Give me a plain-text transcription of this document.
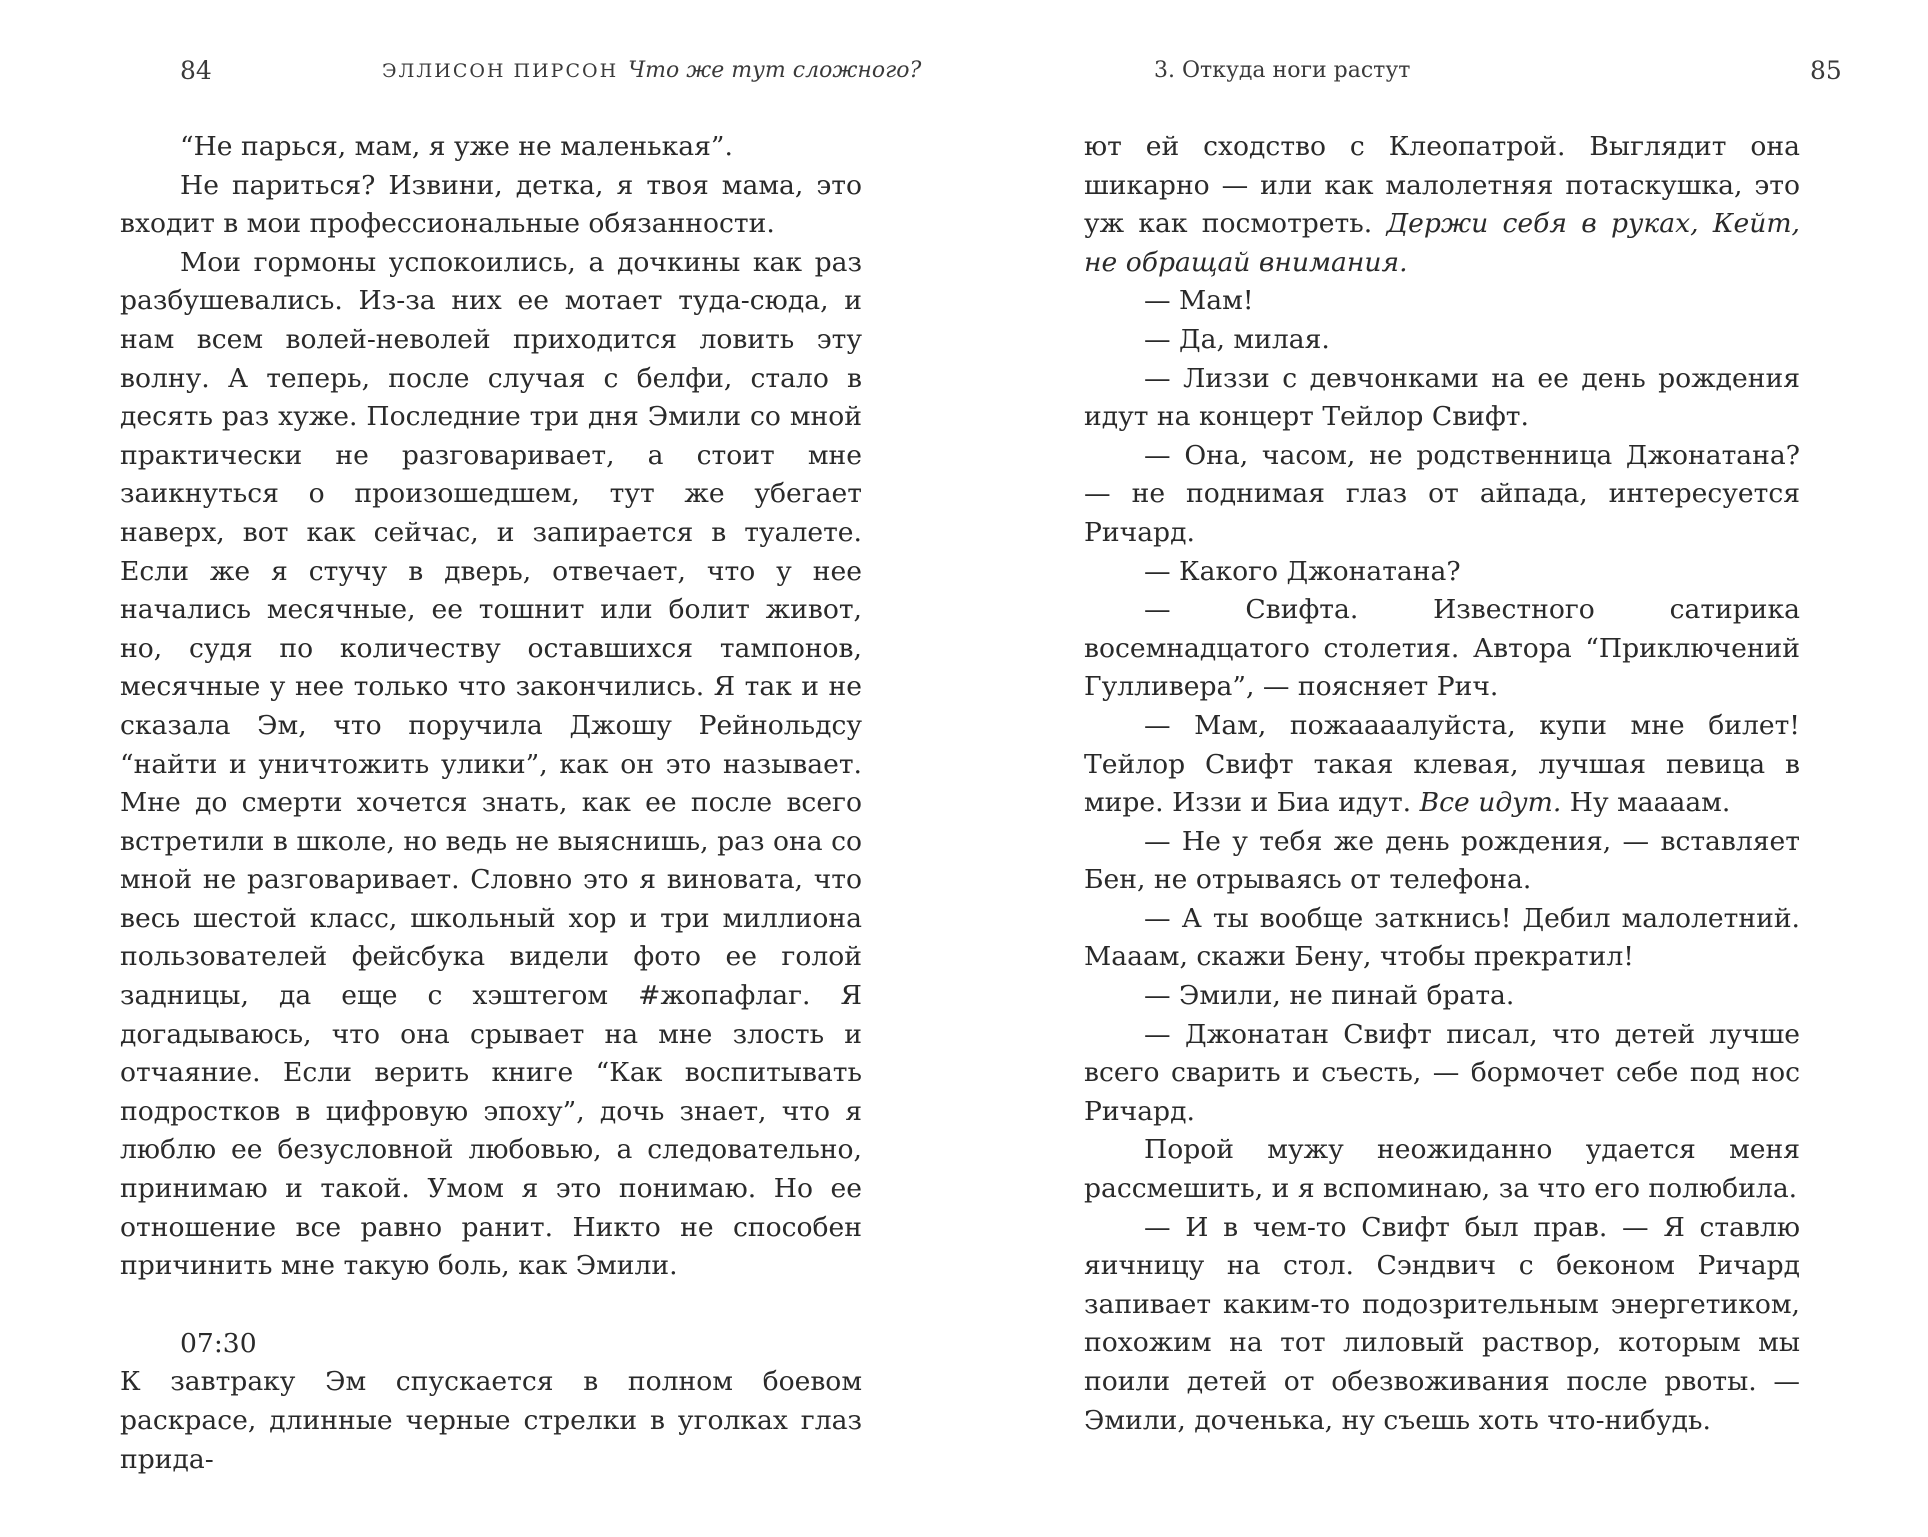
84	ЭЛЛИСОН ПИРСОН Что же тут сложного?

“Не парься, мам, я уже не маленькая”.

Не париться? Извини, детка, я твоя мама, это входит в мои профессиональные обязанности.

Мои гормоны успокоились, а дочкины как раз разбушевались. Из-за них ее мотает туда-сюда, и нам всем волей-неволей приходится ловить эту волну. А теперь, после случая с белфи, стало в десять раз хуже. Последние три дня Эмили со мной практически не разговаривает, а стоит мне заикнуться о произошедшем, тут же убегает наверх, вот как сейчас, и запирается в туалете. Если же я стучу в дверь, отвечает, что у нее начались месячные, ее тошнит или болит живот, но, судя по количеству оставшихся тампонов, месячные у нее только что закончились. Я так и не сказала Эм, что поручила Джошу Рейнольдсу “найти и уничтожить улики”, как он это называет. Мне до смерти хочется знать, как ее после всего встретили в школе, но ведь не выяснишь, раз она со мной не разговаривает. Словно это я виновата, что весь шестой класс, школьный хор и три миллиона пользователей фейсбука видели фото ее голой задницы, да еще с хэштегом #жопафлаг. Я догадываюсь, что она срывает на мне злость и отчаяние. Если верить книге “Как воспитывать подростков в цифровую эпоху”, дочь знает, что я люблю ее безусловной любовью, а следовательно, принимаю и такой. Умом я это понимаю. Но ее отношение все равно ранит. Никто не способен причинить мне такую боль, как Эмили.

07:30

К завтраку Эм спускается в полном боевом раскрасе, длинные черные стрелки в уголках глаз прида-

3. Откуда ноги растут	85

ют ей сходство с Клеопатрой. Выглядит она шикарно — или как малолетняя потаскушка, это уж как посмотреть. Держи себя в руках, Кейт, не обращай внимания.

— Мам!

— Да, милая.

— Лиззи с девчонками на ее день рождения идут на концерт Тейлор Свифт.

— Она, часом, не родственница Джонатана? — не поднимая глаз от айпада, интересуется Ричард.

— Какого Джонатана?

— Свифта. Известного сатирика восемнадцатого столетия. Автора “Приключений Гулливера”, — поясняет Рич.

— Мам, пожаааалуйста, купи мне билет! Тейлор Свифт такая клевая, лучшая певица в мире. Иззи и Биа идут. Все идут. Ну маааам.

— Не у тебя же день рождения, — вставляет Бен, не отрываясь от телефона.

— А ты вообще заткнись! Дебил малолетний. Мааам, скажи Бену, чтобы прекратил!

— Эмили, не пинай брата.

— Джонатан Свифт писал, что детей лучше всего сварить и съесть, — бормочет себе под нос Ричард.

Порой мужу неожиданно удается меня рассмешить, и я вспоминаю, за что его полюбила.

— И в чем-то Свифт был прав. — Я ставлю яичницу на стол. Сэндвич с беконом Ричард запивает каким-то подозрительным энергетиком, похожим на тот лиловый раствор, которым мы поили детей от обезвоживания после рвоты. — Эмили, доченька, ну съешь хоть что-нибудь.
